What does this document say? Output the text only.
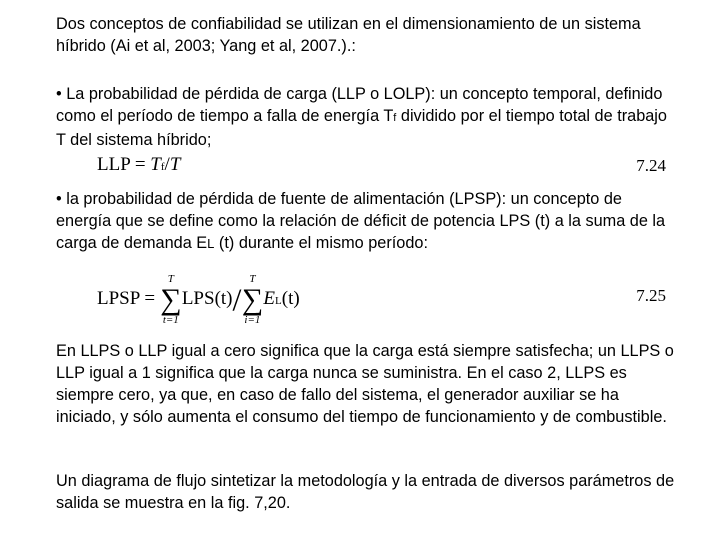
Dos conceptos de confiabilidad se utilizan en el dimensionamiento de un sistema híbrido (Ai et al, 2003; Yang et al, 2007.).:

• La probabilidad de pérdida de carga (LLP o LOLP): un concepto temporal, definido como el período de tiempo a falla de energía Tf dividido por el tiempo total de trabajo T del sistema híbrido;

LLP = Tf/T	7.24

• la probabilidad de pérdida de fuente de alimentación (LPSP): un concepto de energía que se define como la relación de déficit de potencia LPS (t) a la suma de la carga de demanda EL (t) durante el mismo período:

LPSP =
T
∑
t=1
LPS(t)/
T
∑
i=1
EL(t)	7.25

En LLPS o LLP igual a cero significa que la carga está siempre satisfecha; un LLPS o LLP igual a 1 significa que la carga nunca se suministra. En el caso 2, LLPS es siempre cero, ya que, en caso de fallo del sistema, el generador auxiliar se ha iniciado, y sólo aumenta el consumo del tiempo de funcionamiento y de combustible.

Un diagrama de flujo sintetizar la metodología y la entrada de diversos parámetros de salida se muestra en la fig. 7,20.
